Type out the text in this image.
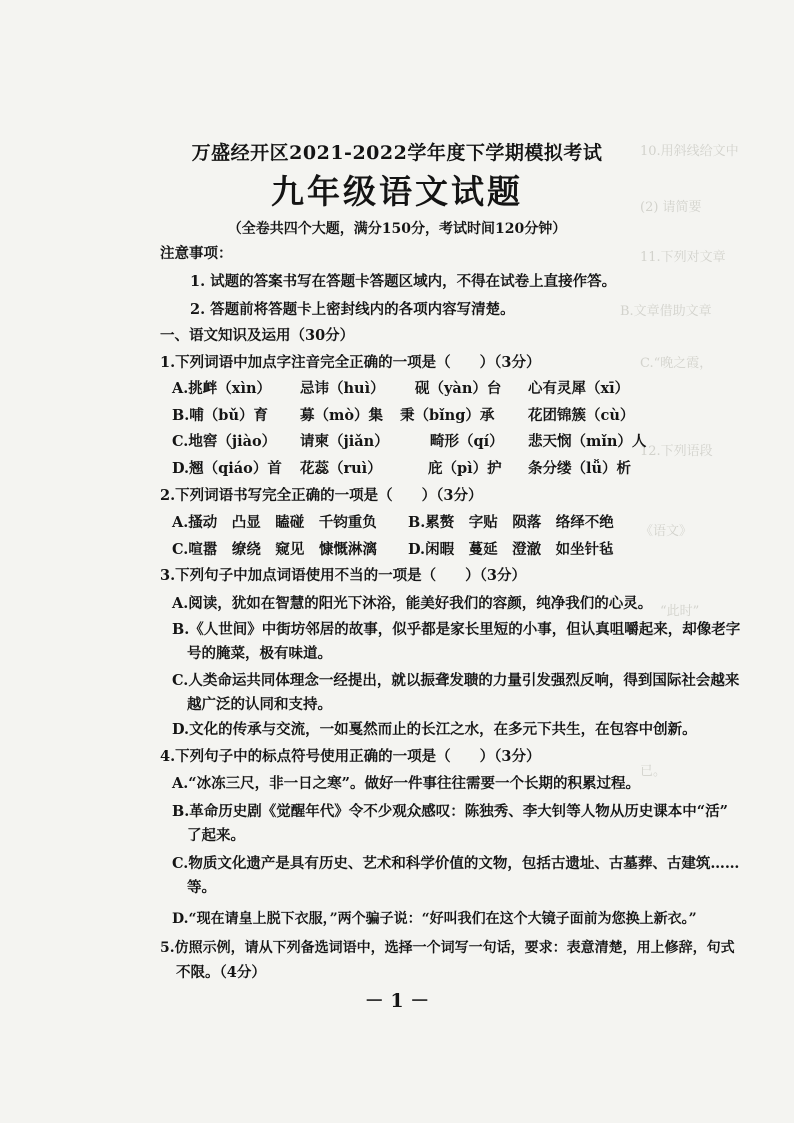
10.用斜线给文中
(2) 请简要
11.下列对文章
B.文章借助文章
C.“晚之霞，
12.下列语段
《语文》
“此时”
已。
万盛经开区2021-2022学年度下学期模拟考试
九年级语文试题
（全卷共四个大题，满分150分，考试时间120分钟）
注意事项：
1. 试题的答案书写在答题卡答题区域内，不得在试卷上直接作答。
2. 答题前将答题卡上密封线内的各项内容写清楚。
一、语文知识及运用（30分）
1.下列词语中加点字注音完全正确的一项是（　　）（3分）
A.挑衅（xìn） 忌讳（huì） 砚（yàn）台 心有灵犀（xī）
B.哺（bǔ）育 募（mò）集 秉（bǐng）承 花团锦簇（cù）
C.地窖（jiào） 请柬（jiǎn）	畸形（qí） 悲天悯（mǐn）人
D.翘（qiáo）首 花蕊（ruì）	庇（pì）护 条分缕（lǚ）析
2.下列词语书写完全正确的一项是（　　）（3分）
A.搔动　凸显　瞌碰　千钧重负 B.累赘　字贴　陨落　络绎不绝
C.喧嚣　缭绕　窥见　慷慨淋漓 D.闲暇　蔓延　澄澈　如坐针毡
3.下列句子中加点词语使用不当的一项是（　　）（3分）
A.阅读，犹如在智慧的阳光下沐浴，能美好我们的容颜，纯净我们的心灵。
B.《人世间》中街坊邻居的故事，似乎都是家长里短的小事，但认真咀嚼起来，却像老字
号的腌菜，极有味道。
C.人类命运共同体理念一经提出，就以振聋发聩的力量引发强烈反响，得到国际社会越来
越广泛的认同和支持。
D.文化的传承与交流，一如戛然而止的长江之水，在多元下共生，在包容中创新。
4.下列句子中的标点符号使用正确的一项是（　　）（3分）
A.“冰冻三尺，非一日之寒”。做好一件事往往需要一个长期的积累过程。
B.革命历史剧《觉醒年代》令不少观众感叹：陈独秀、李大钊等人物从历史课本中“活”
了起来。
C.物质文化遗产是具有历史、艺术和科学价值的文物，包括古遗址、古墓葬、古建筑……
等。
D.“现在请皇上脱下衣服，”两个骗子说：“好叫我们在这个大镜子面前为您换上新衣。”
5.仿照示例，请从下列备选词语中，选择一个词写一句话，要求：表意清楚，用上修辞，句式
不限。（4分）
－ 1 －
